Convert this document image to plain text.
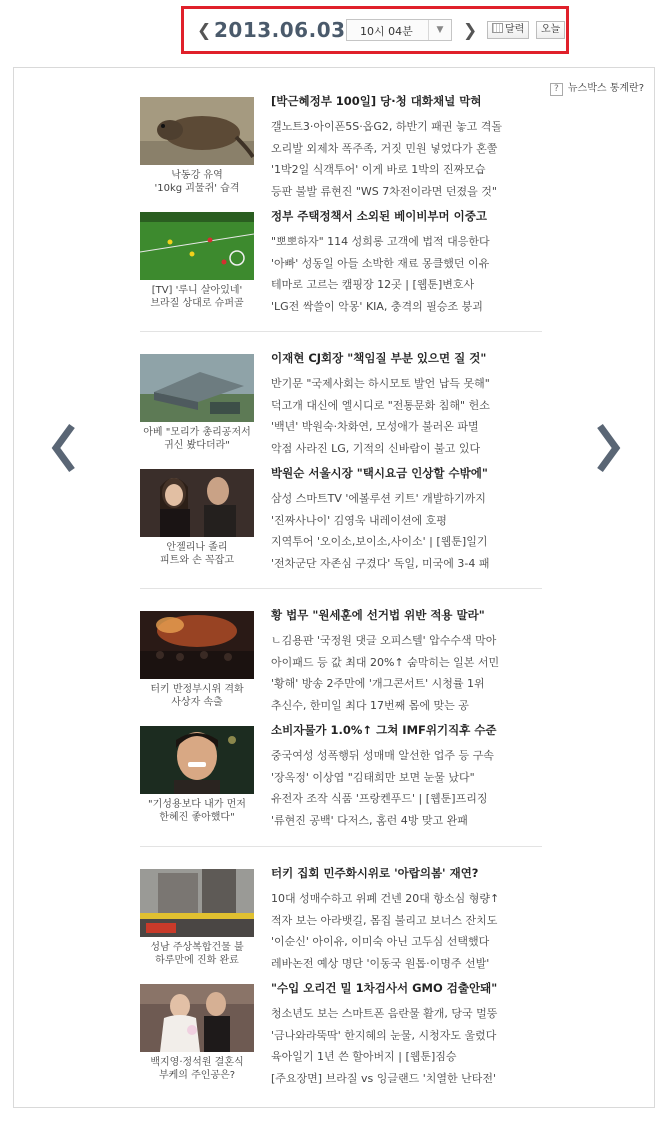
❮ 2013.06.03 10시 04분	▼	❯	달력	오늘
? 뉴스박스 통계란?
낙동강 유역
'10kg 괴물쥐' 습격
[박근혜정부 100일] 당·청 대화채널 막혀
갤노트3·아이폰5S·옵G2, 하반기 패권 놓고 격돌
오리발 외제차 폭주족, 거짓 민원 넣었다가 혼쭐
'1박2일 식객투어' 이게 바로 1박의 진짜모습
등판 불발 류현진 "WS 7차전이라면 던졌을 것"
[TV] '루니 살아있네'
브라질 상대로 슈퍼골
정부 주택정책서 소외된 베이비부머 이중고
"뽀뽀하자" 114 성희롱 고객에 법적 대응한다
'아빠' 성동일 아들 소박한 재료 몽클했던 이유
테마로 고르는 캠핑장 12곳 | [웹툰]변호사
'LG전 싹쓸이 악몽' KIA, 충격의 필승조 붕괴
아베 "모리가 총리공저서
귀신 봤다더라"
이재현 CJ회장 "책임질 부분 있으면 질 것"
반기문 "국제사회는 하시모토 발언 납득 못해"
덕고개 대신에 엘시디로 "전통문화 침해" 헌소
'백년' 박원숙·차화연, 모성애가 불러온 파멸
악점 사라진 LG, 기적의 신바람이 불고 있다
안젤리나 졸리
피트와 손 꼭잡고
박원순 서울시장 "택시요금 인상할 수밖에"
삼성 스마트TV '에볼루션 키트' 개발하기까지
'진짜사나이' 김영욱 내레이션에 호평
지역투어 '오이소,보이소,사이소' | [웹툰]일기
'전차군단 자존심 구겼다' 독일, 미국에 3-4 패
터키 반정부시위 격화
사상자 속출
황 법무 "원세훈에 선거법 위반 적용 말라"
ㄴ김용판 '국정원 댓글 오피스텔' 압수수색 막아
아이패드 등 값 최대 20%↑ 숨막히는 일본 서민
'황해' 방송 2주만에 '개그콘서트' 시청률 1위
추신수, 한미일 최다 17번째 몸에 맞는 공
"기성용보다 내가 먼저
한혜진 좋아했다"
소비자물가 1.0%↑ 그쳐 IMF위기직후 수준
중국여성 성폭행뒤 성매매 알선한 업주 등 구속
'장옥정' 이상엽 "김태희만 보면 눈물 났다"
유전자 조작 식품 '프랑켄푸드' | [웹툰]프리징
'류현진 공백' 다저스, 홈런 4방 맞고 완패
성남 주상복합건물 불
하루만에 진화 완료
터키 집회 민주화시위로 '아랍의봄' 재연?
10대 성매수하고 위폐 건넨 20대 항소심 형량↑
적자 보는 아라뱃길, 몸집 불리고 보너스 잔치도
'이순신' 아이유, 이미숙 아닌 고두심 선택했다
레바논전 예상 명단 '이동국 원톱·이명주 선발'
백지영·정석원 결혼식
부케의 주인공은?
"수입 오리건 밀 1차검사서 GMO 검출안돼"
청소년도 보는 스마트폰 음란물 활개, 당국 멀뚱
'금나와라뚝딱' 한지혜의 눈물, 시청자도 울렸다
육아일기 1년 쓴 할아버지 | [웹툰]짐승
[주요장면] 브라질 vs 잉글랜드 '치열한 난타전'
